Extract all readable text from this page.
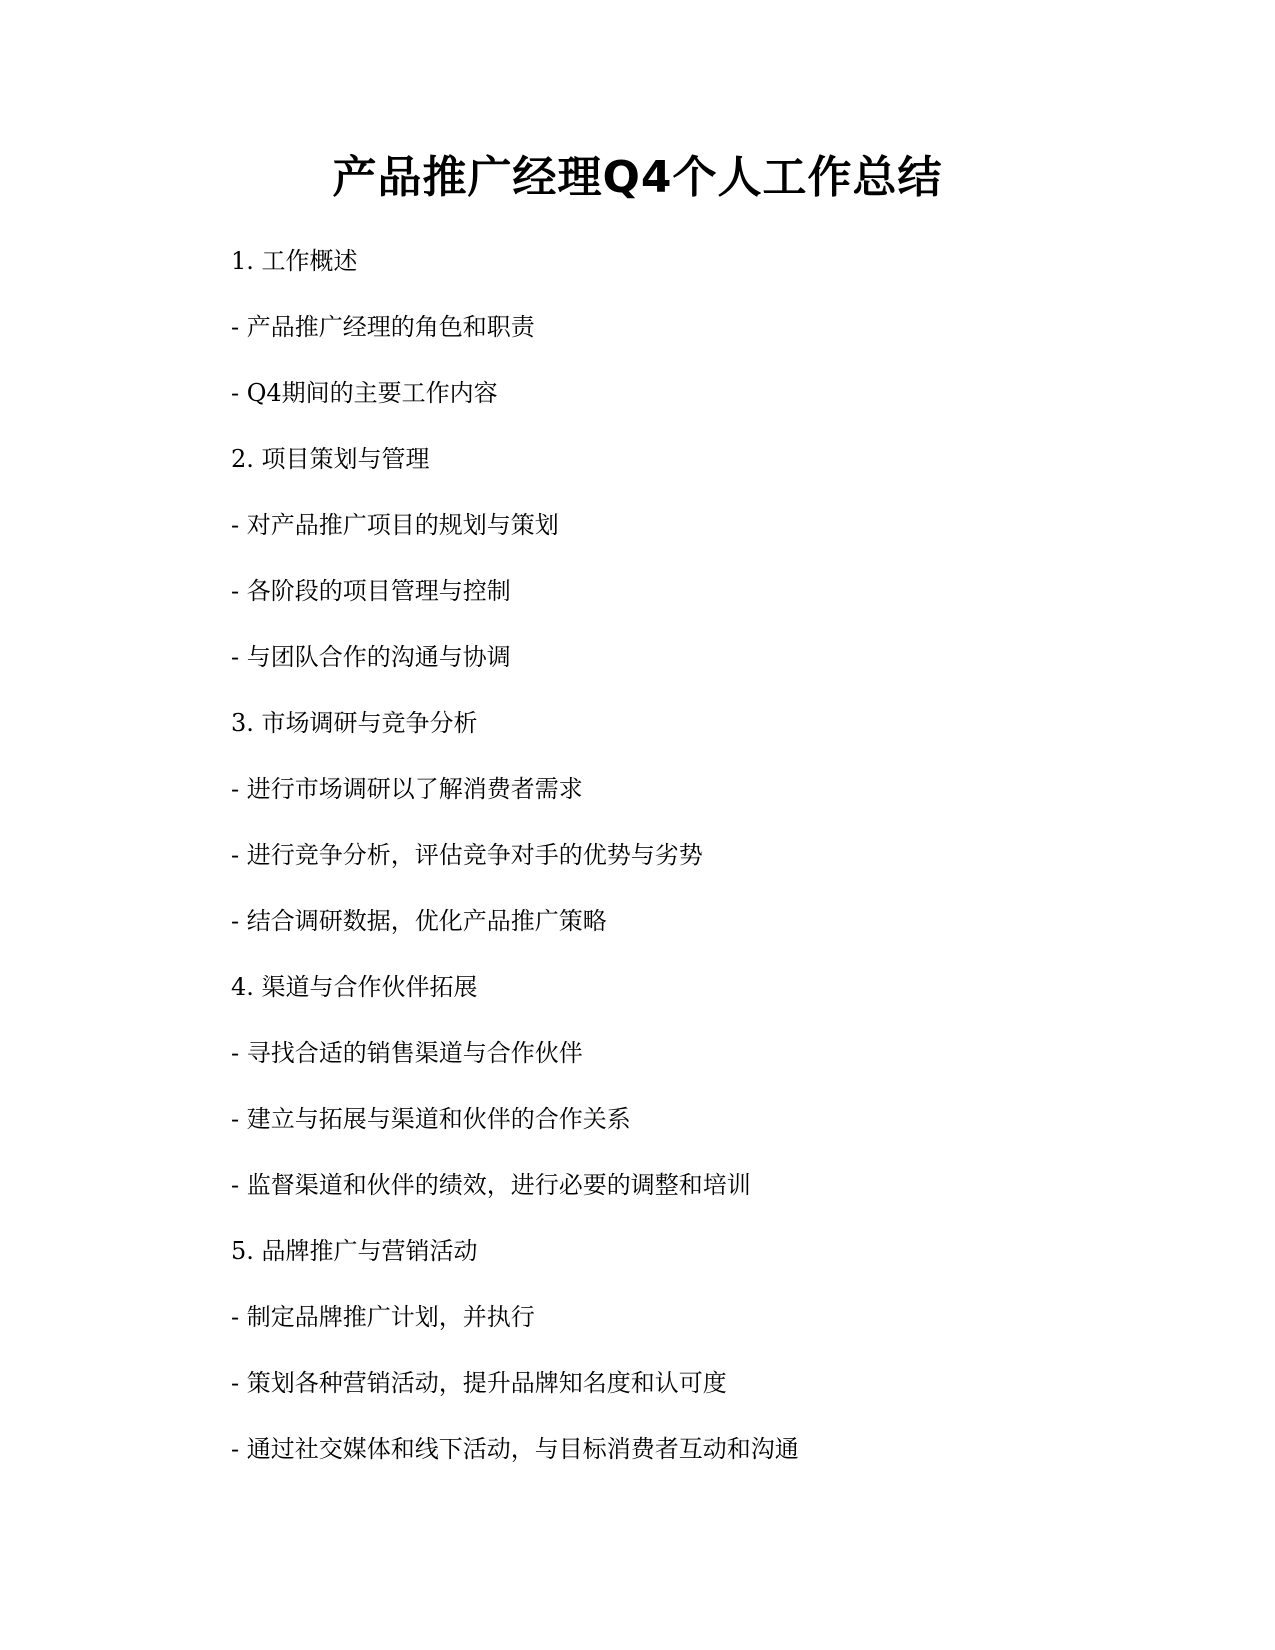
产品推广经理Q4个人工作总结

1. 工作概述

- 产品推广经理的角色和职责

- Q4期间的主要工作内容

2. 项目策划与管理

- 对产品推广项目的规划与策划

- 各阶段的项目管理与控制

- 与团队合作的沟通与协调

3. 市场调研与竞争分析

- 进行市场调研以了解消费者需求

- 进行竞争分析，评估竞争对手的优势与劣势

- 结合调研数据，优化产品推广策略

4. 渠道与合作伙伴拓展

- 寻找合适的销售渠道与合作伙伴

- 建立与拓展与渠道和伙伴的合作关系

- 监督渠道和伙伴的绩效，进行必要的调整和培训

5. 品牌推广与营销活动

- 制定品牌推广计划，并执行

- 策划各种营销活动，提升品牌知名度和认可度

- 通过社交媒体和线下活动，与目标消费者互动和沟通
